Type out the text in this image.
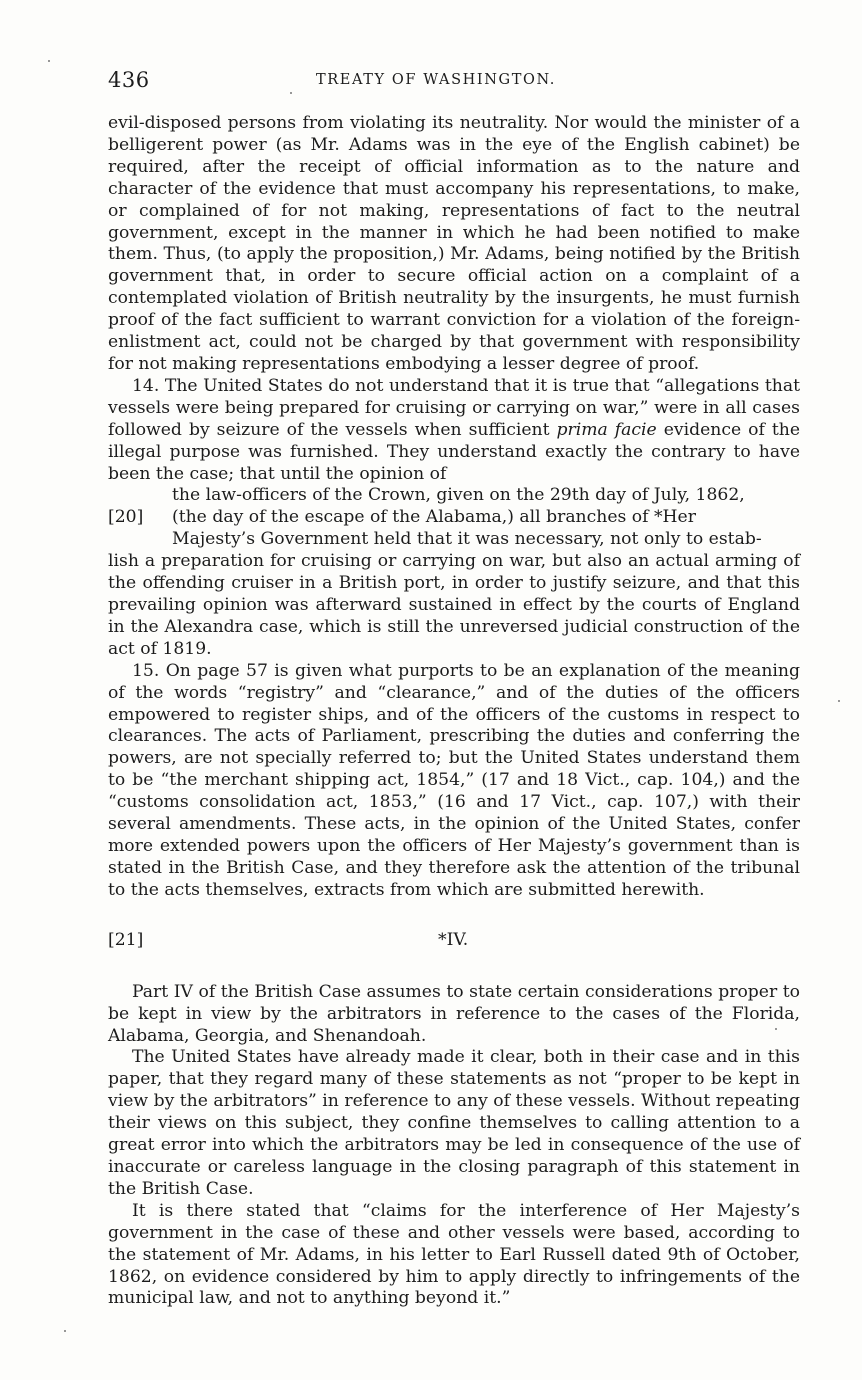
436	TREATY OF WASHINGTON.

evil-disposed persons from violating its neutrality. Nor would the minister of a belligerent power (as Mr. Adams was in the eye of the English cabinet) be required, after the receipt of official information as to the nature and character of the evidence that must accompany his representations, to make, or complained of for not making, representations of fact to the neutral government, except in the manner in which he had been notified to make them. Thus, (to apply the proposition,) Mr. Adams, being notified by the British government that, in order to secure official action on a complaint of a contemplated violation of British neutrality by the insurgents, he must furnish proof of the fact sufficient to warrant conviction for a violation of the foreign-enlistment act, could not be charged by that government with responsibility for not making representations embodying a lesser degree of proof.

14. The United States do not understand that it is true that “allegations that vessels were being prepared for cruising or carrying on war,” were in all cases followed by seizure of the vessels when sufficient prima facie evidence of the illegal purpose was furnished. They understand exactly the contrary to have been the case; that until the opinion of

the law-officers of the Crown, given on the 29th day of July, 1862,

[20] (the day of the escape of the Alabama,) all branches of *Her

Majesty’s Government held that it was necessary, not only to estab-

lish a preparation for cruising or carrying on war, but also an actual arming of the offending cruiser in a British port, in order to justify seizure, and that this prevailing opinion was afterward sustained in effect by the courts of England in the Alexandra case, which is still the unreversed judicial construction of the act of 1819.

15. On page 57 is given what purports to be an explanation of the meaning of the words “registry” and “clearance,” and of the duties of the officers empowered to register ships, and of the officers of the customs in respect to clearances. The acts of Parliament, prescribing the duties and conferring the powers, are not specially referred to; but the United States understand them to be “the merchant shipping act, 1854,” (17 and 18 Vict., cap. 104,) and the “customs consolidation act, 1853,” (16 and 17 Vict., cap. 107,) with their several amendments. These acts, in the opinion of the United States, confer more extended powers upon the officers of Her Majesty’s government than is stated in the British Case, and they therefore ask the attention of the tribunal to the acts themselves, extracts from which are submitted herewith.

[21]	*IV.

Part IV of the British Case assumes to state certain considerations proper to be kept in view by the arbitrators in reference to the cases of the Florida, Alabama, Georgia, and Shenandoah.

The United States have already made it clear, both in their case and in this paper, that they regard many of these statements as not “proper to be kept in view by the arbitrators” in reference to any of these vessels. Without repeating their views on this subject, they confine themselves to calling attention to a great error into which the arbitrators may be led in consequence of the use of inaccurate or careless language in the closing paragraph of this statement in the British Case.

It is there stated that “claims for the interference of Her Majesty’s government in the case of these and other vessels were based, according to the statement of Mr. Adams, in his letter to Earl Russell dated 9th of October, 1862, on evidence considered by him to apply directly to infringements of the municipal law, and not to anything beyond it.”
